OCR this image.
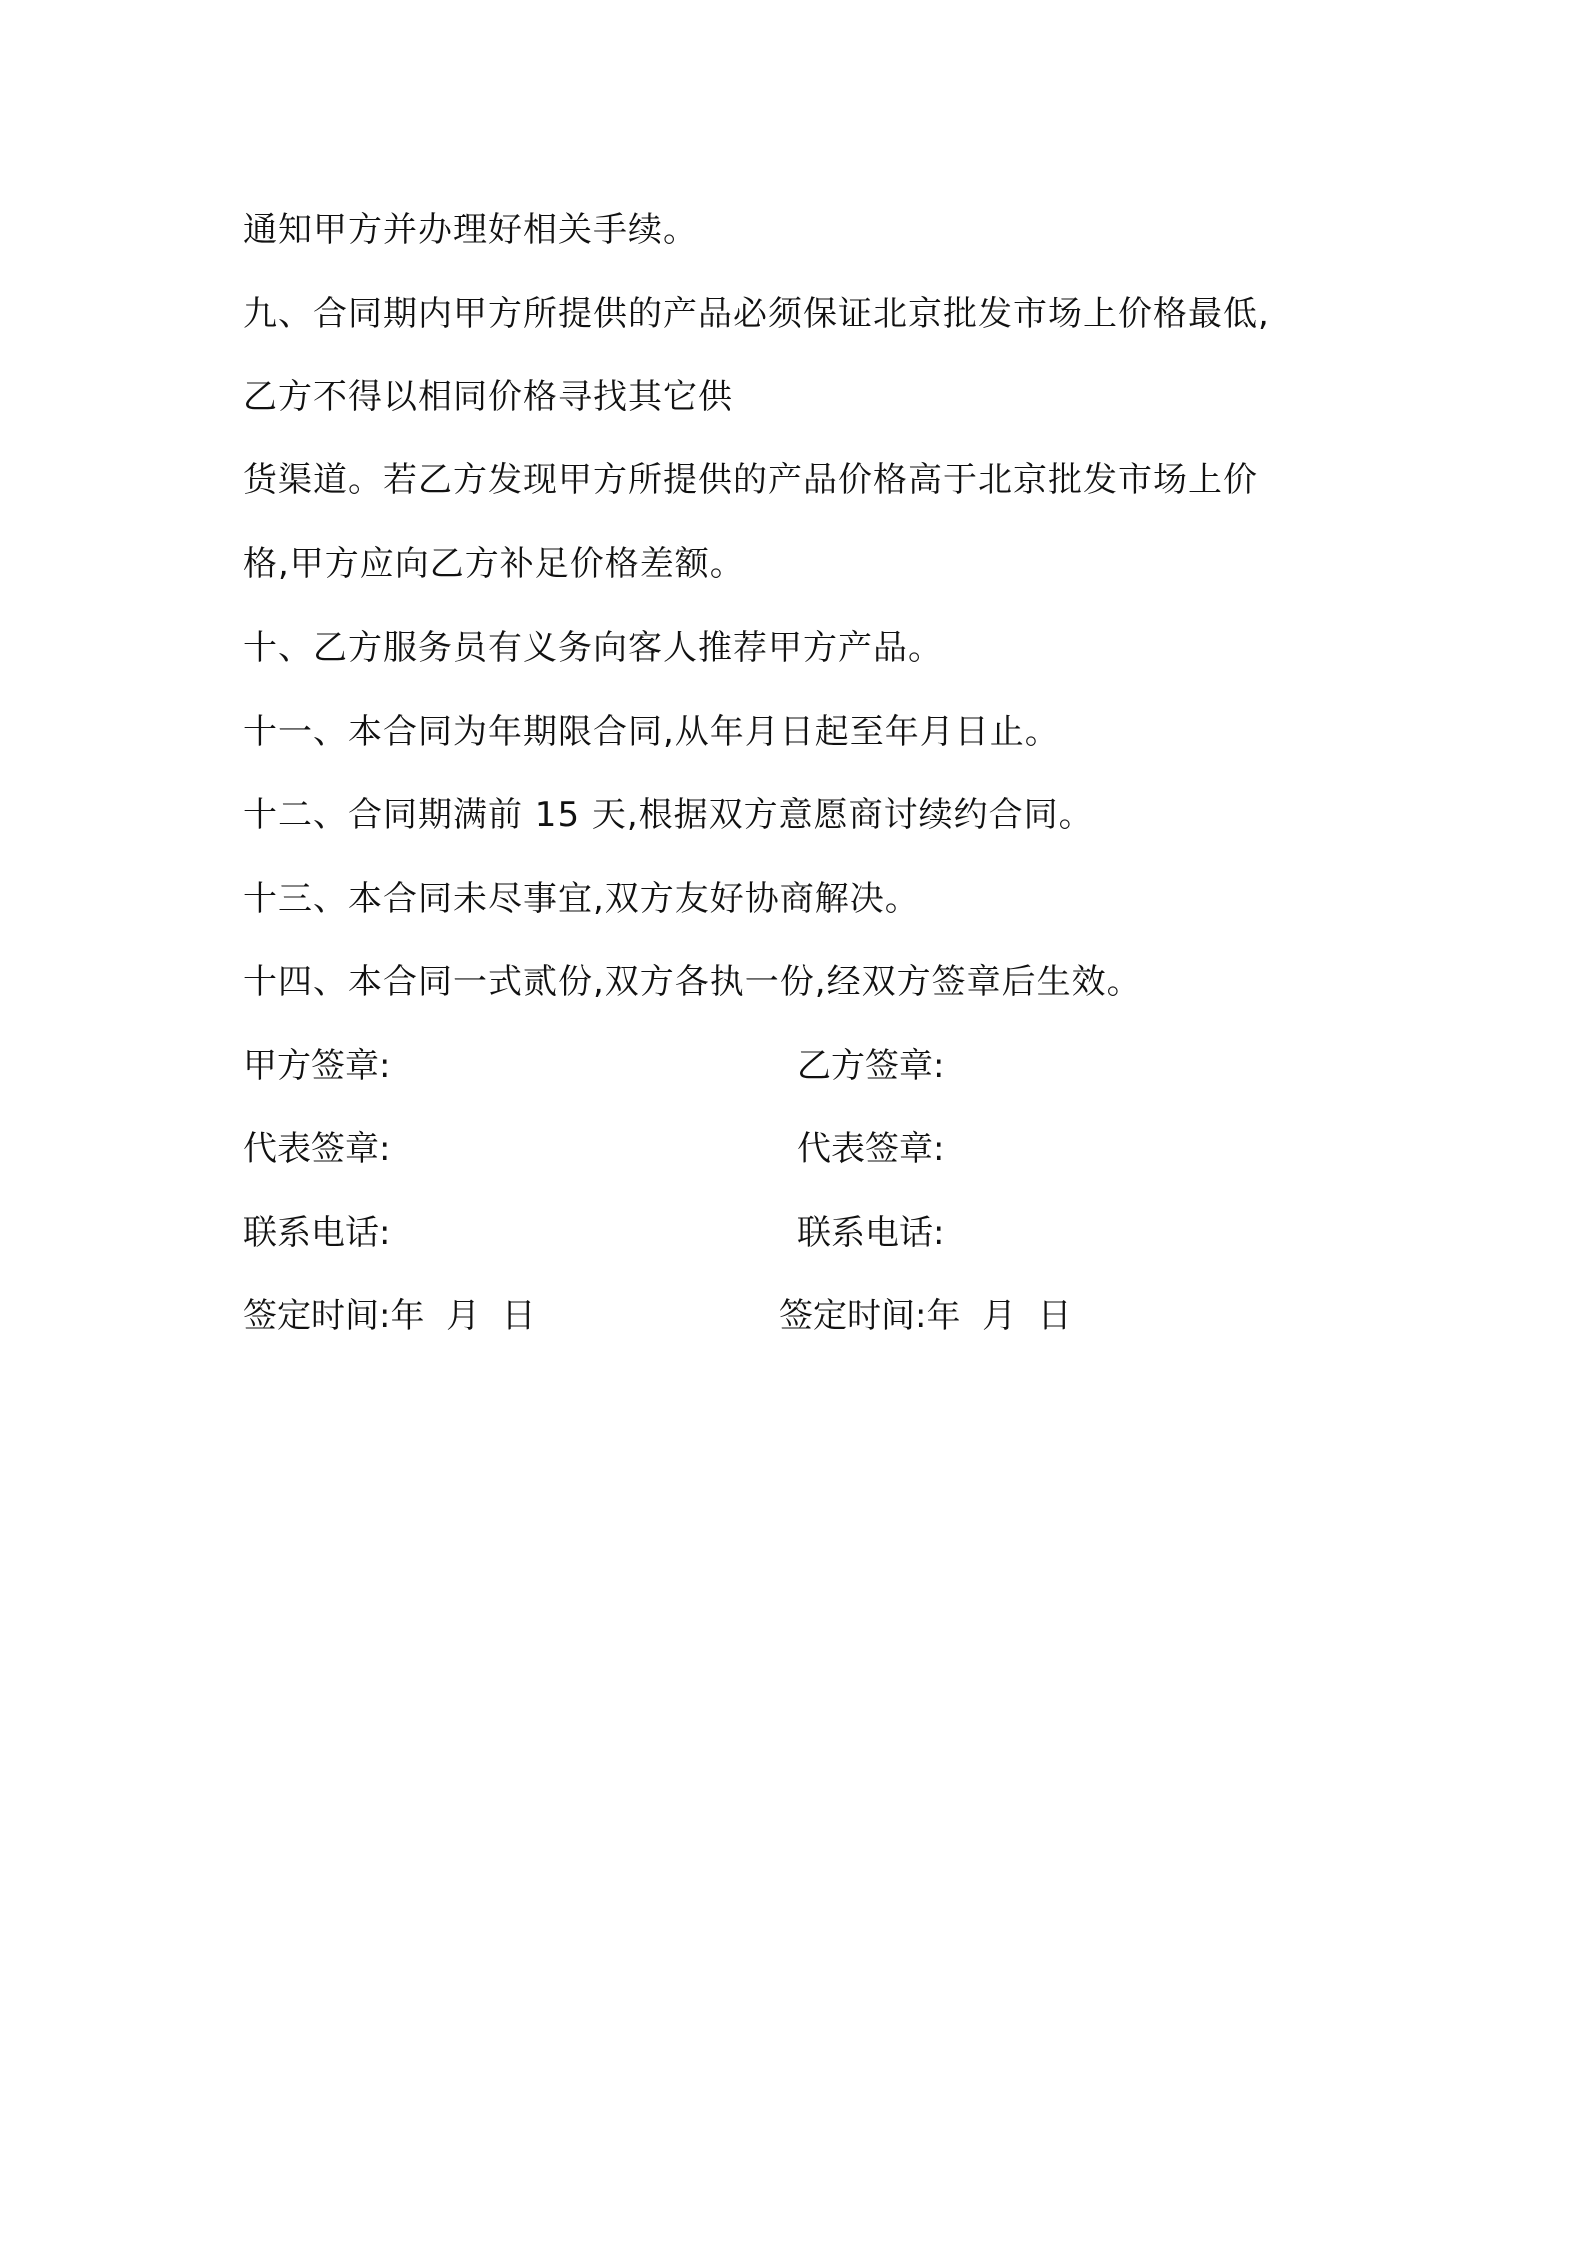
通知甲方并办理好相关手续。
九、合同期内甲方所提供的产品必须保证北京批发市场上价格最低,
乙方不得以相同价格寻找其它供
货渠道。若乙方发现甲方所提供的产品价格高于北京批发市场上价
格,甲方应向乙方补足价格差额。
十、乙方服务员有义务向客人推荐甲方产品。
十一、本合同为年期限合同,从年月日起至年月日止。
十二、合同期满前 15 天,根据双方意愿商讨续约合同。
十三、本合同未尽事宜,双方友好协商解决。
十四、本合同一式贰份,双方各执一份,经双方签章后生效。
甲方签章:	乙方签章:
代表签章:	代表签章:
联系电话:	联系电话:
签定时间:年  月  日	签定时间:年  月  日
